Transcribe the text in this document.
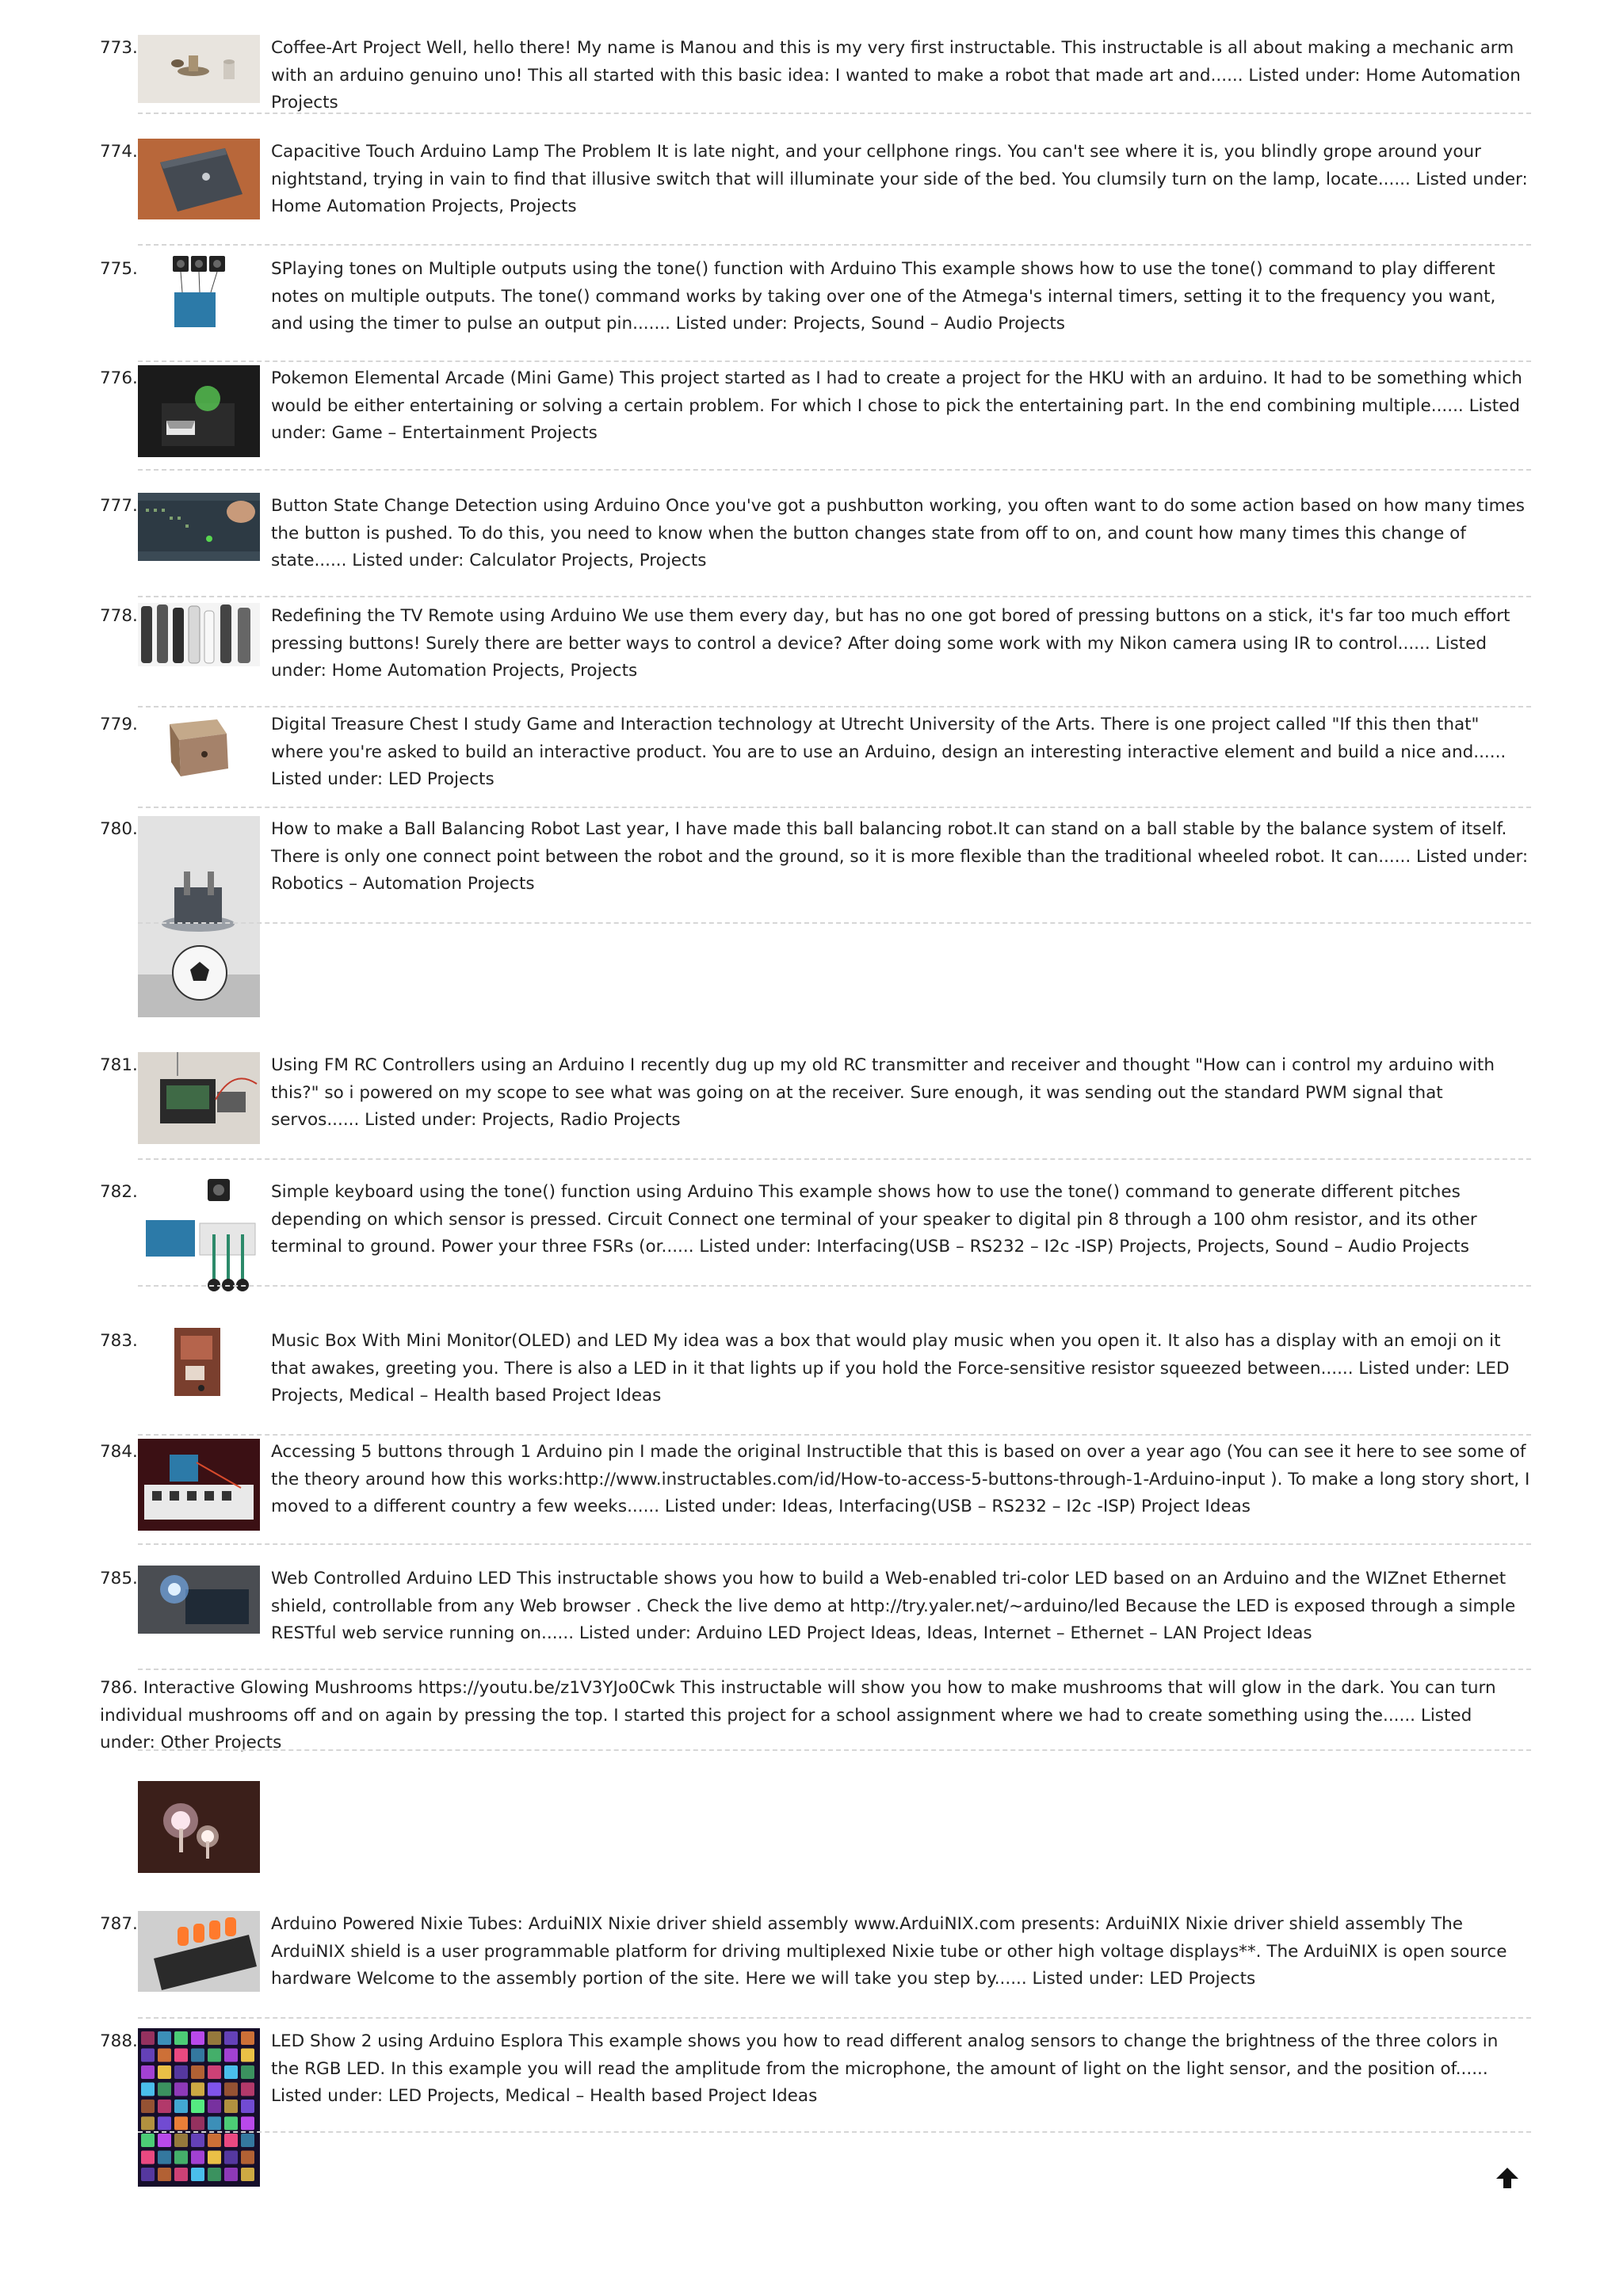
773.	Coffee-Art Project Well, hello there! My name is Manou and this is my very first instructable. This instructable is all about making a mechanic arm with an arduino genuino uno! This all started with this basic idea: I wanted to make a robot that made art and...... Listed under: Home Automation Projects

774.	Capacitive Touch Arduino Lamp The Problem It is late night, and your cellphone rings. You can't see where it is, you blindly grope around your nightstand, trying in vain to find that illusive switch that will illuminate your side of the bed. You clumsily turn on the lamp, locate...... Listed under: Home Automation Projects, Projects

775.	SPlaying tones on Multiple outputs using the tone() function with Arduino This example shows how to use the tone() command to play different notes on multiple outputs. The tone() command works by taking over one of the Atmega's internal timers, setting it to the frequency you want, and using the timer to pulse an output pin....... Listed under: Projects, Sound – Audio Projects

776.	Pokemon Elemental Arcade (Mini Game) This project started as I had to create a project for the HKU with an arduino. It had to be something which would be either entertaining or solving a certain problem. For which I chose to pick the entertaining part. In the end combining multiple...... Listed under: Game – Entertainment Projects

777.	Button State Change Detection using Arduino Once you've got a pushbutton working, you often want to do some action based on how many times the button is pushed. To do this, you need to know when the button changes state from off to on, and count how many times this change of state...... Listed under: Calculator Projects, Projects

778.	Redefining the TV Remote using Arduino We use them every day, but has no one got bored of pressing buttons on a stick, it's far too much effort pressing buttons! Surely there are better ways to control a device? After doing some work with my Nikon camera using IR to control...... Listed under: Home Automation Projects, Projects

779.	Digital Treasure Chest I study Game and Interaction technology at Utrecht University of the Arts. There is one project called "If this then that" where you're asked to build an interactive product. You are to use an Arduino, design an interesting interactive element and build a nice and...... Listed under: LED Projects

780.	How to make a Ball Balancing Robot Last year, I have made this ball balancing robot.It can stand on a ball stable by the balance system of itself. There is only one connect point between the robot and the ground, so it is more flexible than the traditional wheeled robot. It can...... Listed under: Robotics – Automation Projects

781.	Using FM RC Controllers using an Arduino I recently dug up my old RC transmitter and receiver and thought "How can i control my arduino with this?" so i powered on my scope to see what was going on at the receiver. Sure enough, it was sending out the standard PWM signal that servos...... Listed under: Projects, Radio Projects

782.	Simple keyboard using the tone() function using Arduino This example shows how to use the tone() command to generate different pitches depending on which sensor is pressed. Circuit Connect one terminal of your speaker to digital pin 8 through a 100 ohm resistor, and its other terminal to ground. Power your three FSRs (or...... Listed under: Interfacing(USB – RS232 – I2c -ISP) Projects, Projects, Sound – Audio Projects

783.	Music Box With Mini Monitor(OLED) and LED My idea was a box that would play music when you open it. It also has a display with an emoji on it that awakes, greeting you. There is also a LED in it that lights up if you hold the Force-sensitive resistor squeezed between...... Listed under: LED Projects, Medical – Health based Project Ideas

784.	Accessing 5 buttons through 1 Arduino pin I made the original Instructible that this is based on over a year ago (You can see it here to see some of the theory around how this works:http://www.instructables.com/id/How-to-access-5-buttons-through-1-Arduino-input ). To make a long story short, I moved to a different country a few weeks...... Listed under: Ideas, Interfacing(USB – RS232 – I2c -ISP) Project Ideas

785.	Web Controlled Arduino LED This instructable shows you how to build a Web-enabled tri-color LED based on an Arduino and the WIZnet Ethernet shield, controllable from any Web browser . Check the live demo at http://try.yaler.net/~arduino/led Because the LED is exposed through a simple RESTful web service running on...... Listed under: Arduino LED Project Ideas, Ideas, Internet – Ethernet – LAN Project Ideas

786. Interactive Glowing Mushrooms https://youtu.be/z1V3YJo0Cwk This instructable will show you how to make mushrooms that will glow in the dark. You can turn individual mushrooms off and on again by pressing the top. I started this project for a school assignment where we had to create something using the...... Listed under: Other Projects

787.	Arduino Powered Nixie Tubes: ArduiNIX Nixie driver shield assembly www.ArduiNIX.com presents: ArduiNIX Nixie driver shield assembly The ArduiNIX shield is a user programmable platform for driving multiplexed Nixie tube or other high voltage displays**. The ArduiNIX is open source hardware Welcome to the assembly portion of the site. Here we will take you step by...... Listed under: LED Projects

788.	LED Show 2 using Arduino Esplora This example shows you how to read different analog sensors to change the brightness of the three colors in the RGB LED. In this example you will read the amplitude from the microphone, the amount of light on the light sensor, and the position of...... Listed under: LED Projects, Medical – Health based Project Ideas
